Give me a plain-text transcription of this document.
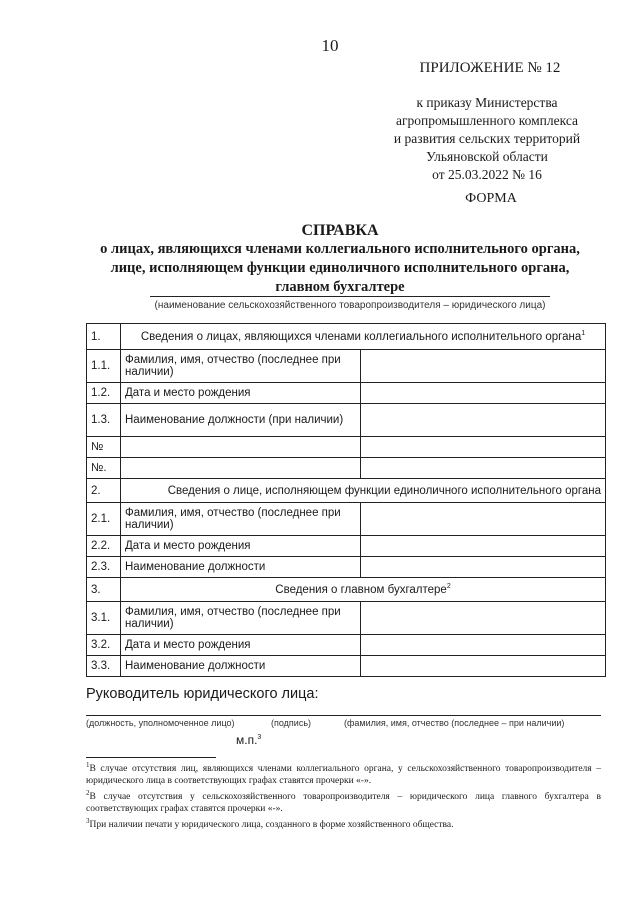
10
ПРИЛОЖЕНИЕ № 12
к приказу Министерства
агропромышленного комплекса
и развития сельских территорий
Ульяновской области
от 25.03.2022 № 16
ФОРМА
СПРАВКА
о лицах, являющихся членами коллегиального исполнительного органа,
лице, исполняющем функции единоличного исполнительного органа,
главном бухгалтере
(наименование сельскохозяйственного товаропроизводителя – юридического лица)
1.	Сведения о лицах, являющихся членами коллегиального исполнительного органа$^1$
1.1.	Фамилия, имя, отчество (последнее при наличии)	
1.2.	Дата и место рождения	
1.3.	Наименование должности (при наличии)	
№		
№.		
2.	Сведения о лице, исполняющем функции единоличного исполнительного органа	
2.1.	Фамилия, имя, отчество (последнее при наличии)	
2.2.	Дата и место рождения	
2.3.	Наименование должности	
3.	Сведения о главном бухгалтере$^2$
3.1.	Фамилия, имя, отчество (последнее при наличии)	
3.2.	Дата и место рождения	
3.3.	Наименование должности	
Руководитель юридического лица:
(должность, уполномоченное лицо)	(подпись)	(фамилия, имя, отчество (последнее – при наличии)
м.п.$^3$

$^1$В случае отсутствия лиц, являющихся членами коллегиального органа, у сельскохозяйственного товаропроизводителя – юридического лица в соответствующих графах ставятся прочерки «-».

$^2$В случае отсутствия у сельскохозяйственного товаропроизводителя – юридического лица главного бухгалтера в соответствующих графах ставятся прочерки «-».

$^3$При наличии печати у юридического лица, созданного в форме хозяйственного общества.
